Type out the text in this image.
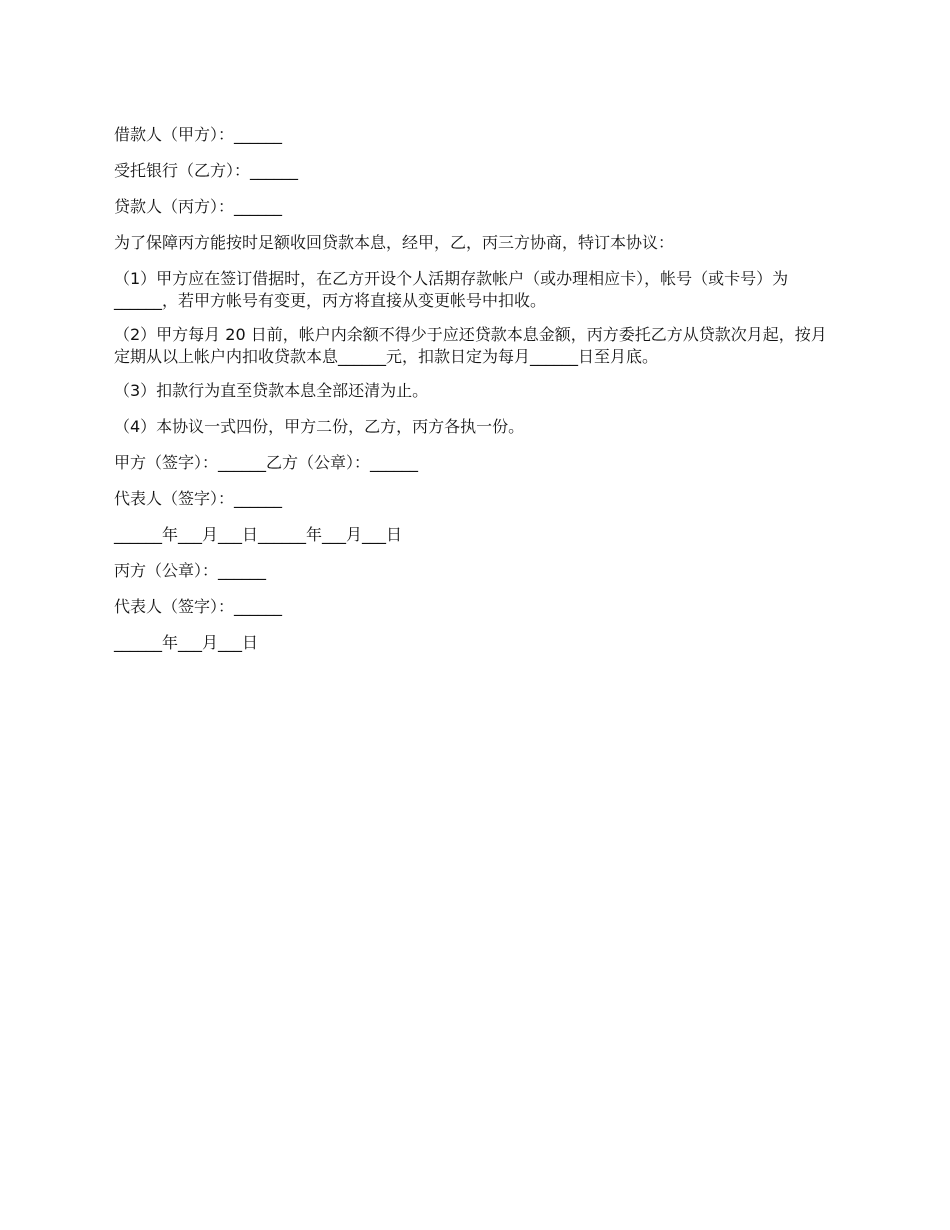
借款人（甲方）：______

受托银行（乙方）：______

贷款人（丙方）：______

为了保障丙方能按时足额收回贷款本息，经甲，乙，丙三方协商，特订本协议：

（1）甲方应在签订借据时，在乙方开设个人活期存款帐户（或办理相应卡），帐号（或卡号）为______，若甲方帐号有变更，丙方将直接从变更帐号中扣收。

（2）甲方每月 20 日前，帐户内余额不得少于应还贷款本息金额，丙方委托乙方从贷款次月起，按月定期从以上帐户内扣收贷款本息______元，扣款日定为每月______日至月底。

（3）扣款行为直至贷款本息全部还清为止。

（4）本协议一式四份，甲方二份，乙方，丙方各执一份。

甲方（签字）：______乙方（公章）：______

代表人（签字）：______

______年___月___日______年___月___日

丙方（公章）：______

代表人（签字）：______

______年___月___日
